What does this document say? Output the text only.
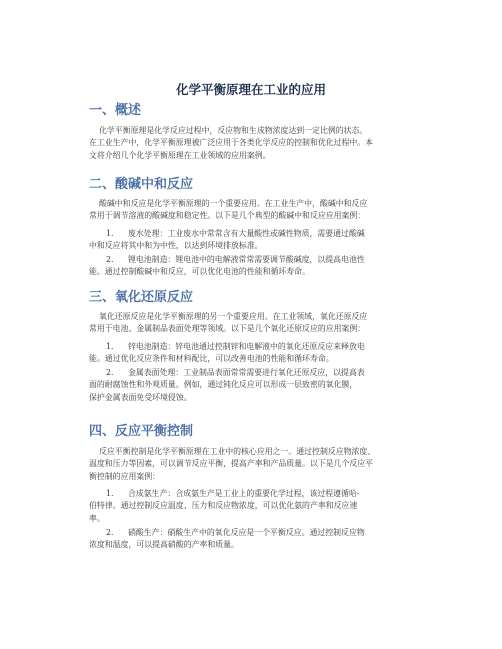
化学平衡原理在工业的应用
一、概述

化学平衡原理是化学反应过程中，反应物和生成物浓度达到一定比例的状态。
在工业生产中，化学平衡原理被广泛应用于各类化学反应的控制和优化过程中。本
文将介绍几个化学平衡原理在工业领域的应用案例。

二、酸碱中和反应

酸碱中和反应是化学平衡原理的一个重要应用。在工业生产中，酸碱中和反应
常用于调节溶液的酸碱度和稳定性。以下是几个典型的酸碱中和反应应用案例：

1. 废水处理：工业废水中常常含有大量酸性或碱性物质，需要通过酸碱
中和反应将其中和为中性，以达到环境排放标准。
2. 锂电池制造：锂电池中的电解液常常需要调节酸碱度，以提高电池性
能。通过控制酸碱中和反应，可以优化电池的性能和循环寿命。
三、氧化还原反应

氧化还原反应是化学平衡原理的另一个重要应用。在工业领域，氧化还原反应
常用于电池、金属制品表面处理等领域。以下是几个氧化还原反应的应用案例：

1. 锌电池制造：锌电池通过控制锌和电解液中的氧化还原反应来释放电
能。通过优化反应条件和材料配比，可以改善电池的性能和循环寿命。
2. 金属表面处理：工业制品表面常常需要进行氧化还原反应，以提高表
面的耐腐蚀性和外观质量。例如，通过钝化反应可以形成一层致密的氧化膜，
保护金属表面免受环境侵蚀。
四、反应平衡控制

反应平衡控制是化学平衡原理在工业中的核心应用之一。通过控制反应物浓度、
温度和压力等因素，可以调节反应平衡，提高产率和产品质量。以下是几个反应平
衡控制的应用案例：

1. 合成氨生产：合成氨生产是工业上的重要化学过程，该过程遵循哈-
伯特律。通过控制反应温度、压力和反应物浓度，可以优化氨的产率和反应速
率。
2. 硝酸生产：硝酸生产中的氧化反应是一个平衡反应。通过控制反应物
浓度和温度，可以提高硝酸的产率和质量。
